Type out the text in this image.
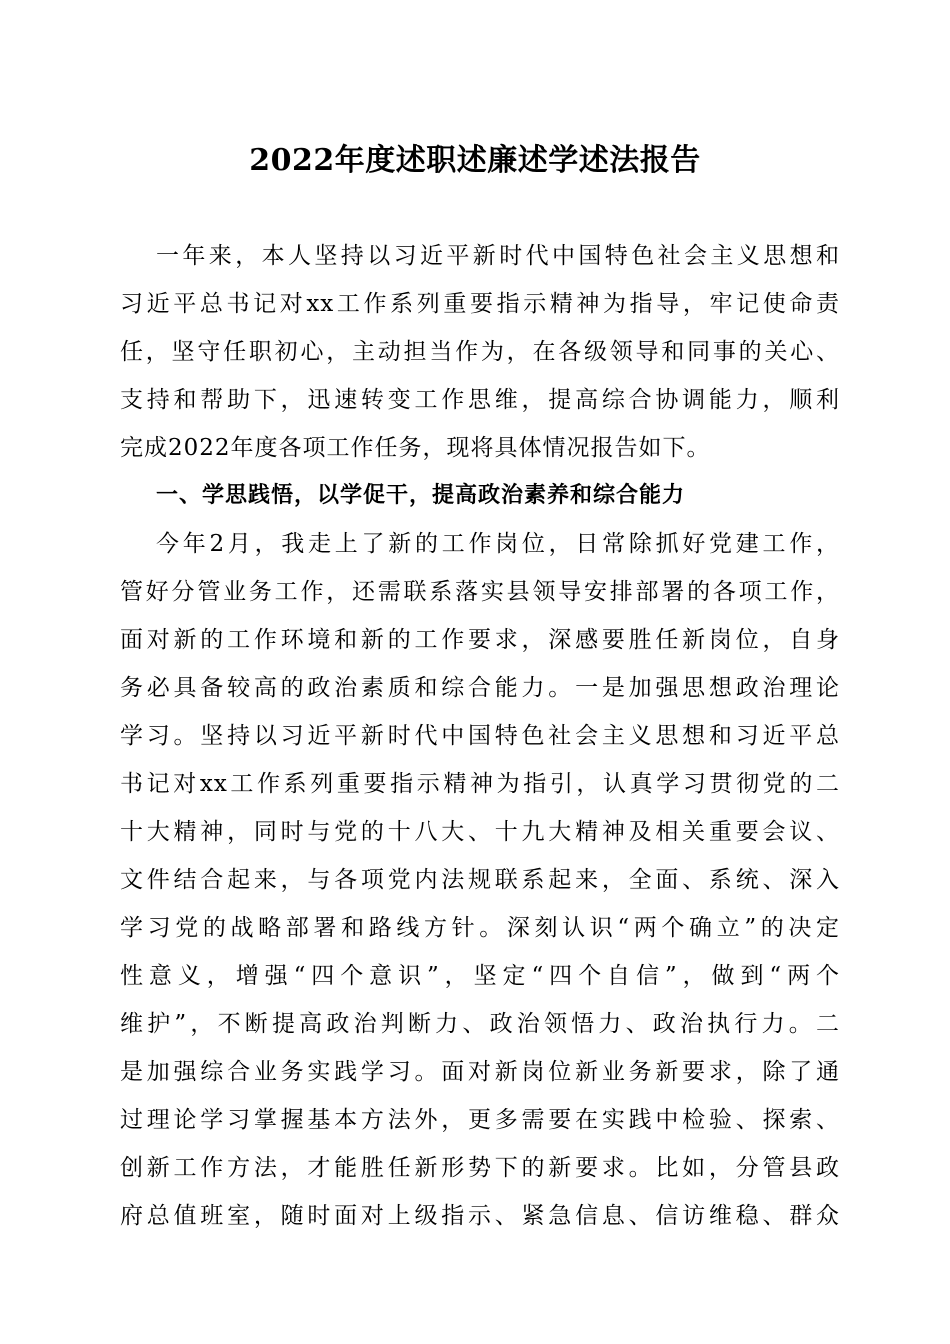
2022年度述职述廉述学述法报告
一年来，本人坚持以习近平新时代中国特色社会主义思想和
习近平总书记对xx工作系列重要指示精神为指导，牢记使命责
任，坚守任职初心，主动担当作为，在各级领导和同事的关心、
支持和帮助下，迅速转变工作思维，提高综合协调能力，顺利
完成2022年度各项工作任务，现将具体情况报告如下。
一、学思践悟，以学促干，提高政治素养和综合能力
今年2月，我走上了新的工作岗位，日常除抓好党建工作，
管好分管业务工作，还需联系落实县领导安排部署的各项工作，
面对新的工作环境和新的工作要求，深感要胜任新岗位，自身
务必具备较高的政治素质和综合能力。一是加强思想政治理论
学习。坚持以习近平新时代中国特色社会主义思想和习近平总
书记对xx工作系列重要指示精神为指引，认真学习贯彻党的二
十大精神，同时与党的十八大、十九大精神及相关重要会议、
文件结合起来，与各项党内法规联系起来，全面、系统、深入
学习党的战略部署和路线方针。深刻认识“两个确立”的决定
性意义，增强“四个意识”，坚定“四个自信”，做到“两个
维护”，不断提高政治判断力、政治领悟力、政治执行力。二
是加强综合业务实践学习。面对新岗位新业务新要求，除了通
过理论学习掌握基本方法外，更多需要在实践中检验、探索、
创新工作方法，才能胜任新形势下的新要求。比如，分管县政
府总值班室，随时面对上级指示、紧急信息、信访维稳、群众
